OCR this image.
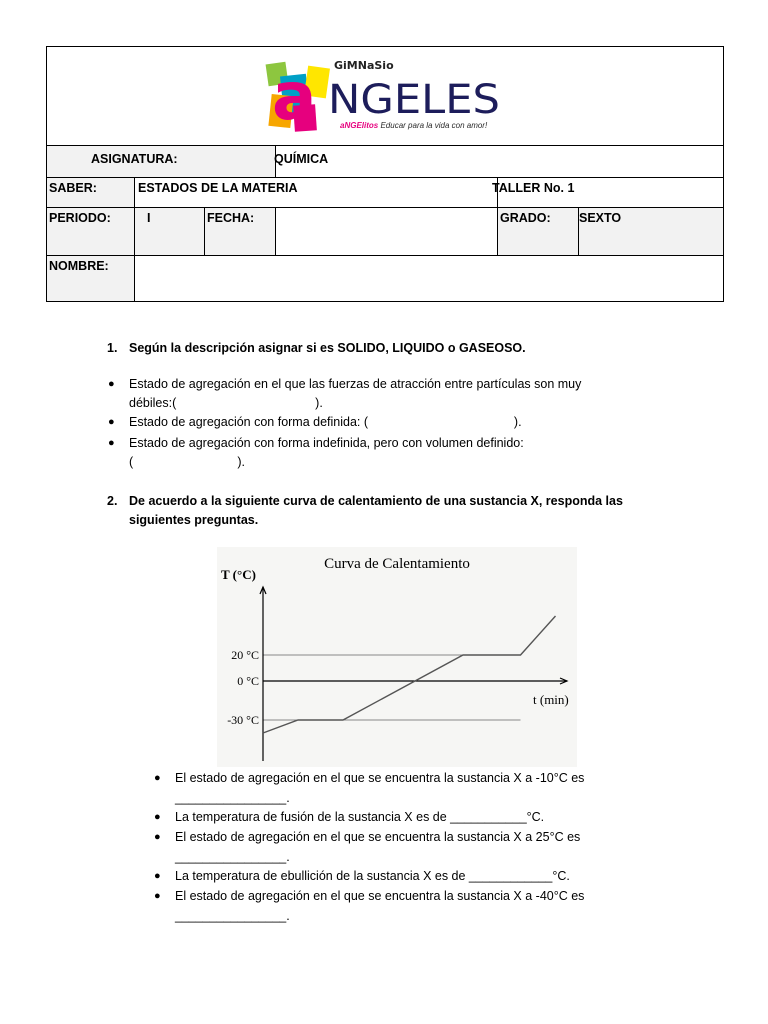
a GiMNaSio
NGELES
aNGElitos Educar para la vida con amor!					

ASIGNATURA:			QUÍMICA		

SABER:	ESTADOS DE LA MATERIA			TALLER No. 1	

PERIODO:	I	FECHA:		GRADO:	SEXTO

NOMBRE:					

1. Según la descripción asignar si es SOLIDO, LIQUIDO o GASEOSO.
● Estado de agregación en el que las fuerzas de atracción entre partículas son muy
débiles:(                                        ).
● Estado de agregación con forma definida: (                                          ).
● Estado de agregación con forma indefinida, pero con volumen definido:
(                              ).
2. De acuerdo a la siguiente curva de calentamiento de una sustancia X, responda las
siguientes preguntas.
Curva de Calentamiento
T (°C)
t (min)
20 °C
0 °C
-30 °C
● El estado de agregación en el que se encuentra la sustancia X a -10°C es
________________.
● La temperatura de fusión de la sustancia X es de ___________°C.
● El estado de agregación en el que se encuentra la sustancia X a 25°C es
________________.
● La temperatura de ebullición de la sustancia X es de ____________°C.
● El estado de agregación en el que se encuentra la sustancia X a -40°C es
________________.
